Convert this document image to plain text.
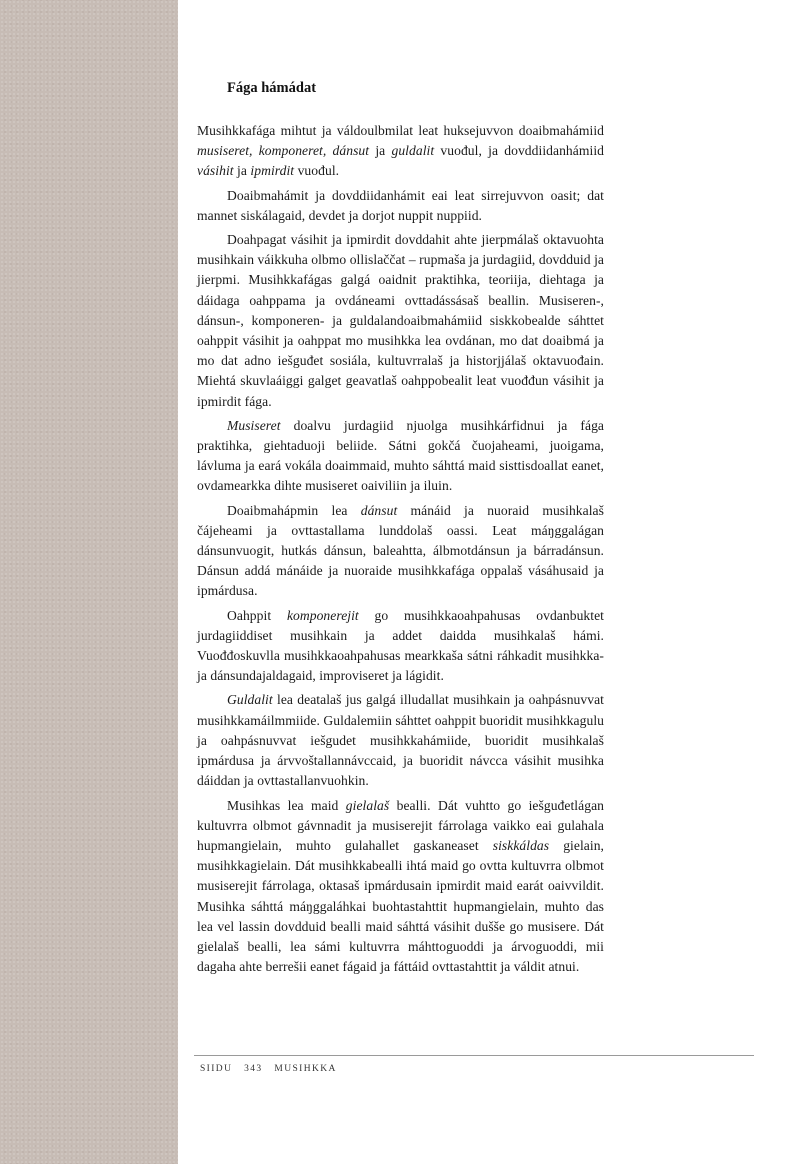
Fága hámádat

Musihkkafága mihtut ja váldoulbmilat leat huksejuvvon doaibmahámiid musiseret, komponeret, dánsut ja guldalit vuođul, ja dovddiidanhámiid vásihit ja ipmirdit vuođul.

Doaibmahámit ja dovddiidanhámit eai leat sirrejuvvon oasit; dat mannet siskálagaid, devdet ja dorjot nuppit nuppiid.

Doahpagat vásihit ja ipmirdit dovddahit ahte jierpmálaš oktavuohta musihkain váikkuha olbmo ollislaččat – rupmaša ja jurdagiid, dovdduid ja jierpmi. Musihkkafágas galgá oaidnit praktihka, teoriija, diehtaga ja dáidaga oahppama ja ovdáneami ovttadássásaš beallin. Musiseren-, dánsun-, komponeren- ja guldalandoaibmahámiid siskkobealde sáhttet oahppit vásihit ja oahppat mo musihkka lea ovdánan, mo dat doaibmá ja mo dat adno iešguđet sosiála, kultuvrralaš ja historjjálaš oktavuođain. Miehtá skuvlaáiggi galget geavatlaš oahppobealit leat vuođđun vásihit ja ipmirdit fága.

Musiseret doalvu jurdagiid njuolga musihkárfidnui ja fága praktihka, giehtaduoji beliide. Sátni gokčá čuojaheami, juoigama, lávluma ja eará vokála doaimmaid, muhto sáhttá maid sisttisdoallat eanet, ovdamearkka dihte musiseret oaiviliin ja iluin.

Doaibmahápmin lea dánsut mánáid ja nuoraid musihkalaš čájeheami ja ovttastallama lunddolaš oassi. Leat máŋggalágan dánsunvuogit, hutkás dánsun, baleahtta, álbmotdánsun ja bárradánsun. Dánsun addá mánáide ja nuoraide musihkkafága oppalaš vásáhusaid ja ipmárdusa.

Oahppit komponerejit go musihkkaoahpahusas ovdanbuktet jurdagiiddiset musihkain ja addet daidda musihkalaš hámi. Vuođđoskuvlla musihkkaoahpahusas mearkkaša sátni ráhkadit musihkka- ja dánsundajaldagaid, improviseret ja lágidit.

Guldalit lea deatalaš jus galgá illudallat musihkain ja oahpásnuvvat musihkkamáilmmiide. Guldalemiin sáhttet oahppit buoridit musihkkagulu ja oahpásnuvvat iešgudet musihkkahámiide, buoridit musihkalaš ipmárdusa ja árvvoštallannávccaid, ja buoridit návcca vásihit musihka dáiddan ja ovttastallanvuohkin.

Musihkas lea maid gielalaš bealli. Dát vuhtto go iešguđetlágan kultuvrra olbmot gávnnadit ja musiserejit fárrolaga vaikko eai gulahala hupmangielain, muhto gulahallet gaskaneaset siskkáldas gielain, musihkkagielain. Dát musihkkabealli ihtá maid go ovtta kultuvrra olbmot musiserejit fárrolaga, oktasaš ipmárdusain ipmirdit maid earát oaivvildit. Musihka sáhttá máŋggaláhkai buohtastahttit hupmangielain, muhto das lea vel lassin dovdduid bealli maid sáhttá vásihit dušše go musisere. Dát gielalaš bealli, lea sámi kultuvrra máhttoguoddi ja árvoguoddi, mii dagaha ahte berrešii eanet fágaid ja fáttáid ovttastahttit ja váldit atnui.

SIIDU 343 MUSIHKKA
